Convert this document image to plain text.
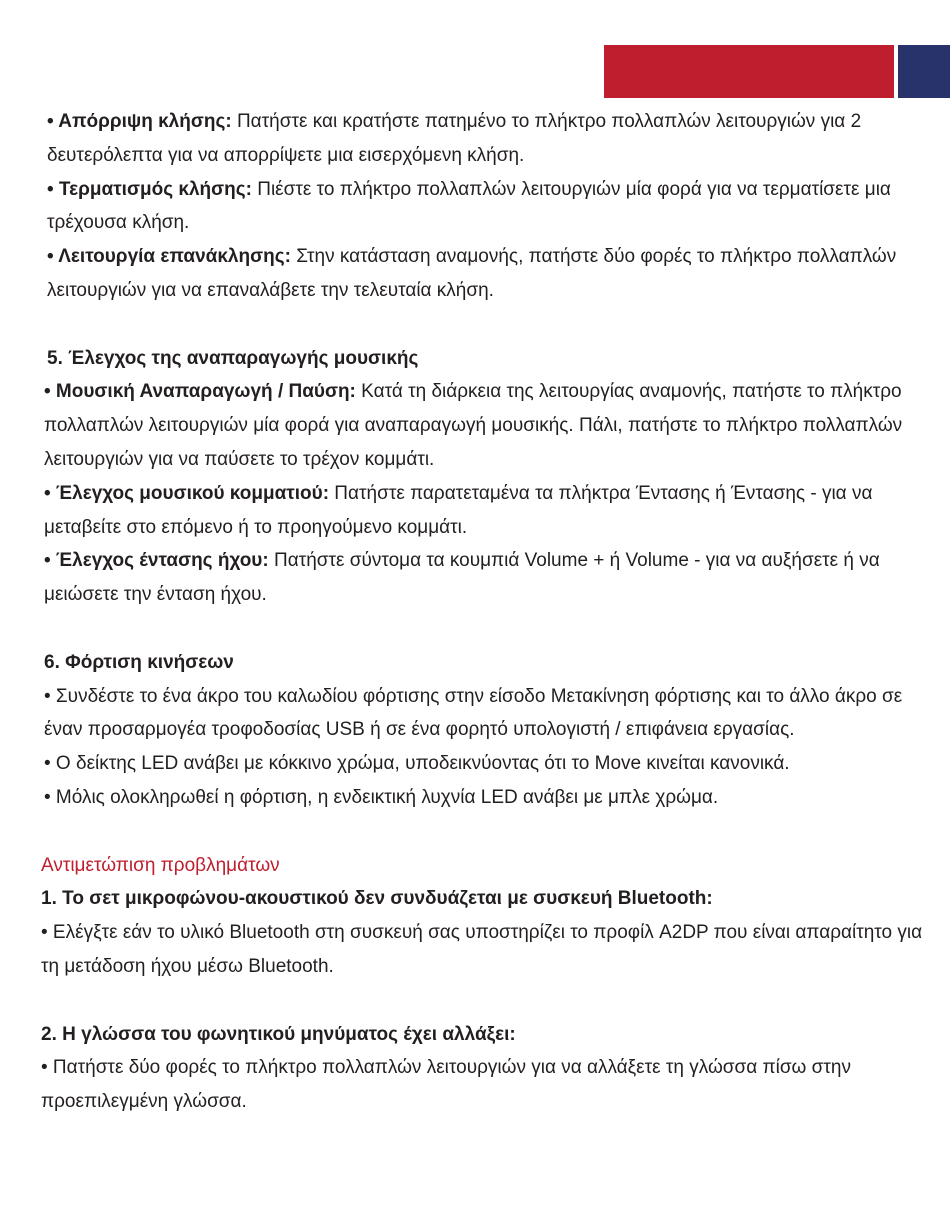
• Απόρριψη κλήσης: Πατήστε και κρατήστε πατημένο το πλήκτρο πολλαπλών λειτουργιών για 2 δευτερόλεπτα για να απορρίψετε μια εισερχόμενη κλήση.

• Τερματισμός κλήσης: Πιέστε το πλήκτρο πολλαπλών λειτουργιών μία φορά για να τερματίσετε μια τρέχουσα κλήση.

• Λειτουργία επανάκλησης: Στην κατάσταση αναμονής, πατήστε δύο φορές το πλήκτρο πολλαπλών λειτουργιών για να επαναλάβετε την τελευταία κλήση.

5. Έλεγχος της αναπαραγωγής μουσικής

• Μουσική Αναπαραγωγή / Παύση: Κατά τη διάρκεια της λειτουργίας αναμονής, πατήστε το πλήκτρο πολλαπλών λειτουργιών μία φορά για αναπαραγωγή μουσικής. Πάλι, πατήστε το πλήκτρο πολλαπλών λειτουργιών για να παύσετε το τρέχον κομμάτι.

• Έλεγχος μουσικού κομματιού: Πατήστε παρατεταμένα τα πλήκτρα Έντασης ή Έντασης - για να μεταβείτε στο επόμενο ή το προηγούμενο κομμάτι.

• Έλεγχος έντασης ήχου: Πατήστε σύντομα τα κουμπιά Volume + ή Volume - για να αυξήσετε ή να μειώσετε την ένταση ήχου.

6. Φόρτιση κινήσεων

• Συνδέστε το ένα άκρο του καλωδίου φόρτισης στην είσοδο Μετακίνηση φόρτισης και το άλλο άκρο σε έναν προσαρμογέα τροφοδοσίας USB ή σε ένα φορητό υπολογιστή / επιφάνεια εργασίας.

• Ο δείκτης LED ανάβει με κόκκινο χρώμα, υποδεικνύοντας ότι το Move κινείται κανονικά.

• Μόλις ολοκληρωθεί η φόρτιση, η ενδεικτική λυχνία LED ανάβει με μπλε χρώμα.

Αντιμετώπιση προβλημάτων

1. Το σετ μικροφώνου-ακουστικού δεν συνδυάζεται με συσκευή Bluetooth:

• Ελέγξτε εάν το υλικό Bluetooth στη συσκευή σας υποστηρίζει το προφίλ A2DP που είναι απαραίτητο για τη μετάδοση ήχου μέσω Bluetooth.

2. Η γλώσσα του φωνητικού μηνύματος έχει αλλάξει:

• Πατήστε δύο φορές το πλήκτρο πολλαπλών λειτουργιών για να αλλάξετε τη γλώσσα πίσω στην προεπιλεγμένη γλώσσα.
